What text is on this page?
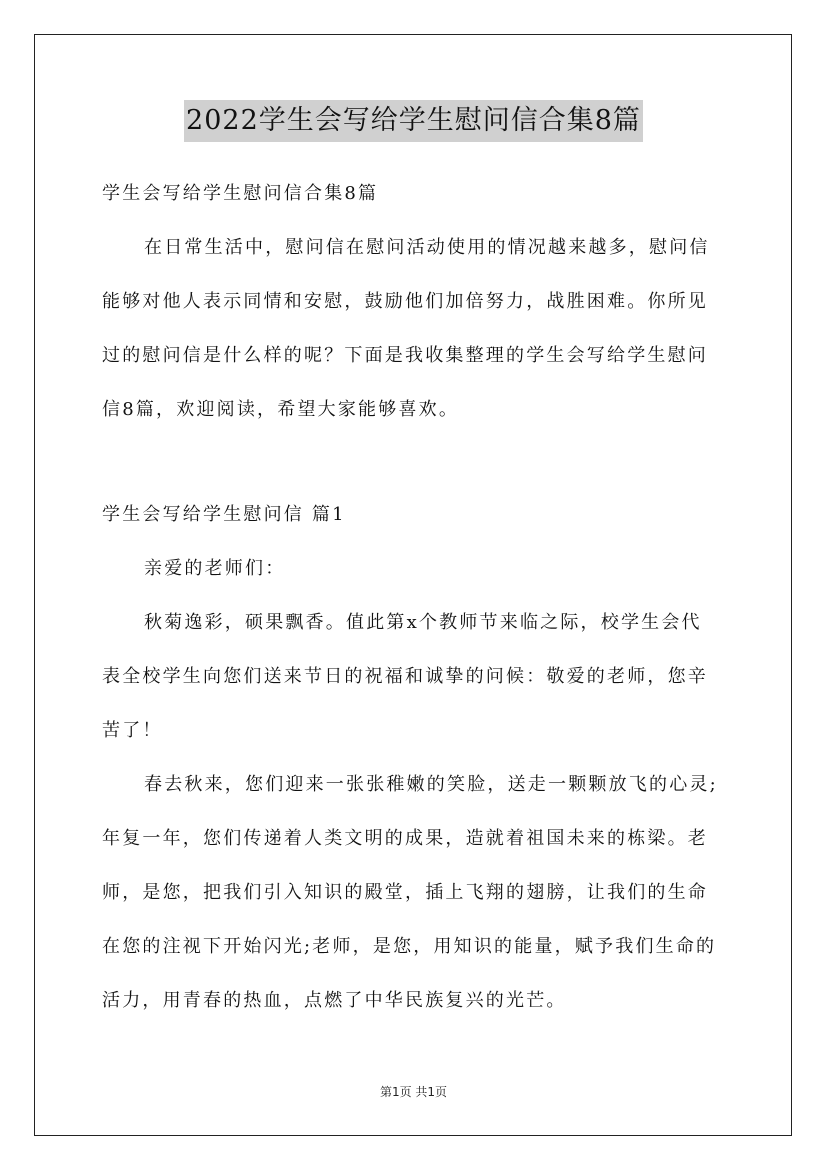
2022学生会写给学生慰问信合集8篇
学生会写给学生慰问信合集8篇
在日常生活中，慰问信在慰问活动使用的情况越来越多，慰问信
能够对他人表示同情和安慰，鼓励他们加倍努力，战胜困难。你所见
过的慰问信是什么样的呢？下面是我收集整理的学生会写给学生慰问
信8篇，欢迎阅读，希望大家能够喜欢。
学生会写给学生慰问信 篇1
亲爱的老师们：
秋菊逸彩，硕果飘香。值此第x个教师节来临之际，校学生会代
表全校学生向您们送来节日的祝福和诚挚的问候：敬爱的老师，您辛
苦了！
春去秋来，您们迎来一张张稚嫩的笑脸，送走一颗颗放飞的心灵;
年复一年，您们传递着人类文明的成果，造就着祖国未来的栋梁。老
师，是您，把我们引入知识的殿堂，插上飞翔的翅膀，让我们的生命
在您的注视下开始闪光;老师，是您，用知识的能量，赋予我们生命的
活力，用青春的热血，点燃了中华民族复兴的光芒。
第1页 共1页
